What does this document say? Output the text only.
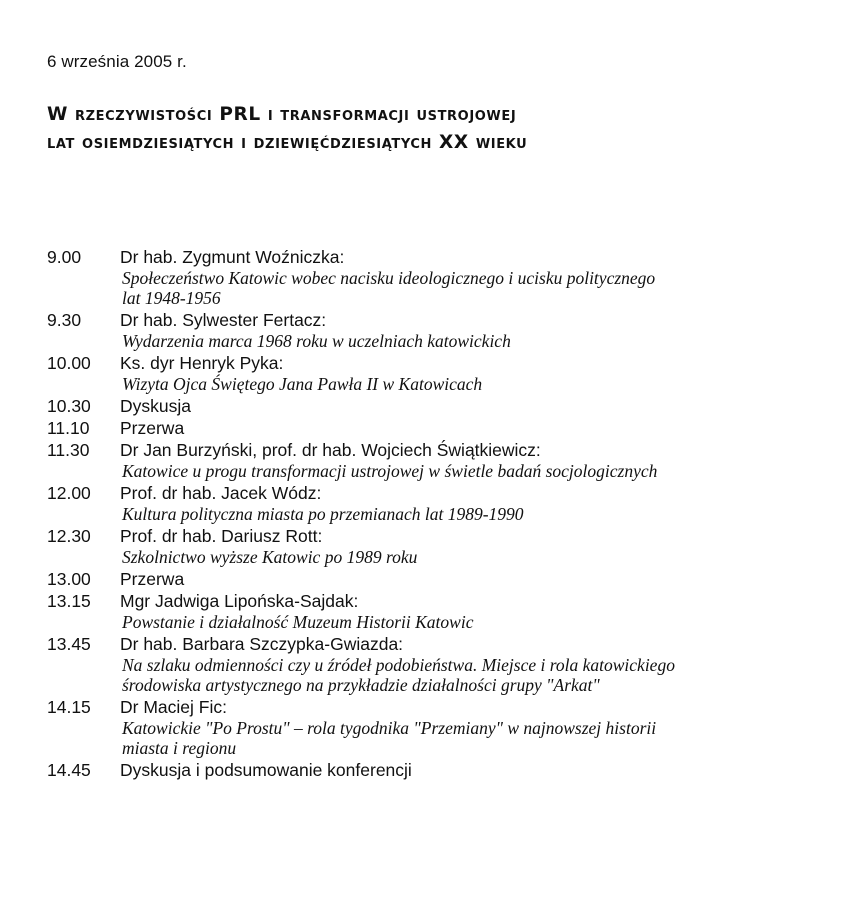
6 września 2005 r.
W rzeczywistości PRL i transformacji ustrojowej
lat osiemdziesiątych i dziewięćdziesiątych XX wieku
9.00	Dr hab. Zygmunt Woźniczka:
Społeczeństwo Katowic wobec nacisku ideologicznego i ucisku politycznego
lat 1948-1956
9.30	Dr hab. Sylwester Fertacz:
Wydarzenia marca 1968 roku w uczelniach katowickich
10.00	Ks. dyr Henryk Pyka:
Wizyta Ojca Świętego Jana Pawła II w Katowicach
10.30	Dyskusja
11.10	Przerwa
11.30	Dr Jan Burzyński, prof. dr hab. Wojciech Świątkiewicz:
Katowice u progu transformacji ustrojowej w świetle badań socjologicznych
12.00	Prof. dr hab. Jacek Wódz:
Kultura polityczna miasta po przemianach lat 1989-1990
12.30	Prof. dr hab. Dariusz Rott:
Szkolnictwo wyższe Katowic po 1989 roku
13.00	Przerwa
13.15	Mgr Jadwiga Lipońska-Sajdak:
Powstanie i działalność Muzeum Historii Katowic
13.45	Dr hab. Barbara Szczypka-Gwiazda:
Na szlaku odmienności czy u źródeł podobieństwa. Miejsce i rola katowickiego
środowiska artystycznego na przykładzie działalności grupy "Arkat"
14.15	Dr Maciej Fic:
Katowickie "Po Prostu" – rola tygodnika "Przemiany" w najnowszej historii
miasta i regionu
14.45	Dyskusja i podsumowanie konferencji
